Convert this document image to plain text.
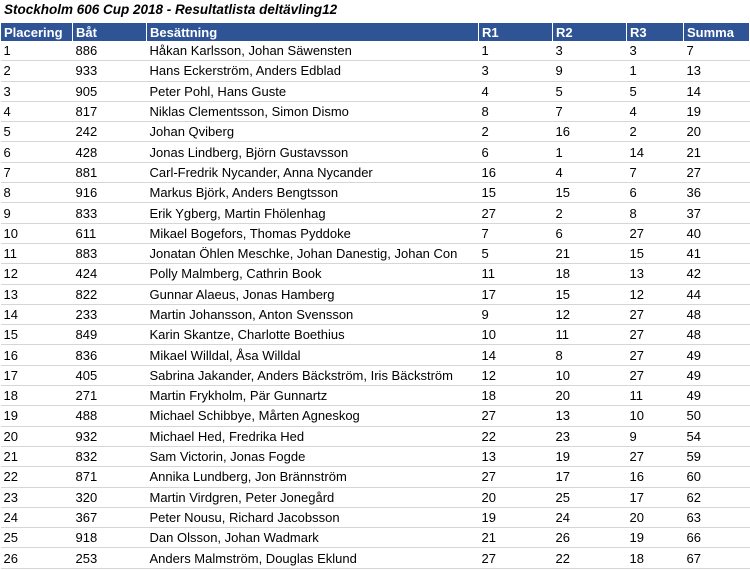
Stockholm 606 Cup 2018 - Resultatlista deltävling12
Placering	Båt	Besättning	R1	R2	R3	Summa
1	886	Håkan Karlsson, Johan Säwensten	1	3	3	7
2	933	Hans Eckerström, Anders Edblad	3	9	1	13
3	905	Peter Pohl, Hans Guste	4	5	5	14
4	817	Niklas Clementsson, Simon Dismo	8	7	4	19
5	242	Johan Qviberg	2	16	2	20
6	428	Jonas Lindberg, Björn Gustavsson	6	1	14	21
7	881	Carl-Fredrik Nycander, Anna Nycander	16	4	7	27
8	916	Markus Björk, Anders Bengtsson	15	15	6	36
9	833	Erik Ygberg, Martin Fhölenhag	27	2	8	37
10	611	Mikael Bogefors, Thomas Pyddoke	7	6	27	40
11	883	Jonatan Öhlen Meschke, Johan Danestig, Johan Con	5	21	15	41
12	424	Polly Malmberg, Cathrin Book	11	18	13	42
13	822	Gunnar Alaeus, Jonas Hamberg	17	15	12	44
14	233	Martin Johansson, Anton Svensson	9	12	27	48
15	849	Karin Skantze, Charlotte Boethius	10	11	27	48
16	836	Mikael Willdal, Åsa Willdal	14	8	27	49
17	405	Sabrina Jakander, Anders Bäckström, Iris Bäckström	12	10	27	49
18	271	Martin Frykholm, Pär Gunnartz	18	20	11	49
19	488	Michael Schibbye, Mårten Agneskog	27	13	10	50
20	932	Michael Hed, Fredrika Hed	22	23	9	54
21	832	Sam Victorin, Jonas Fogde	13	19	27	59
22	871	Annika Lundberg, Jon Brännström	27	17	16	60
23	320	Martin Virdgren, Peter Jonegård	20	25	17	62
24	367	Peter Nousu, Richard Jacobsson	19	24	20	63
25	918	Dan Olsson, Johan Wadmark	21	26	19	66
26	253	Anders Malmström, Douglas Eklund	27	22	18	67
